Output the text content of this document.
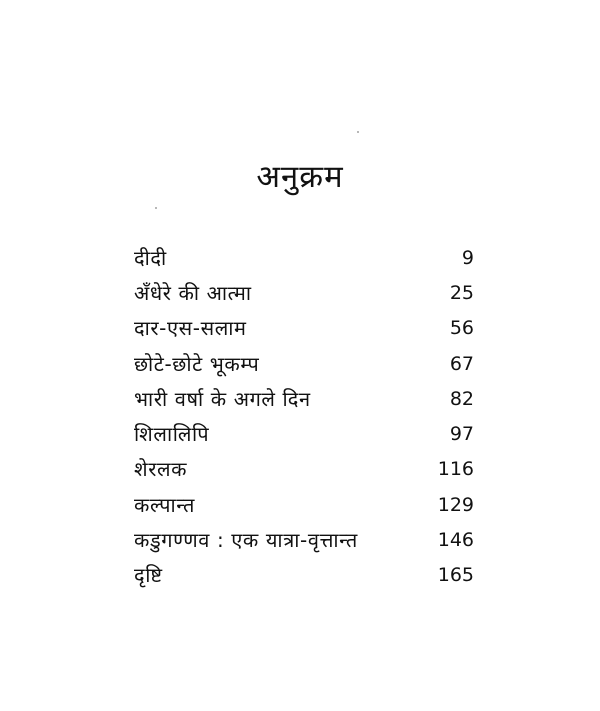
अनुक्रम
दीदी	9
अँधेरे की आत्मा	25
दार-एस-सलाम	56
छोटे-छोटे भूकम्प	67
भारी वर्षा के अगले दिन	82
शिलालिपि	97
शेरलक	116
कल्पान्त	129
कडुगण्णव : एक यात्रा-वृत्तान्त	146
दृष्टि	165
